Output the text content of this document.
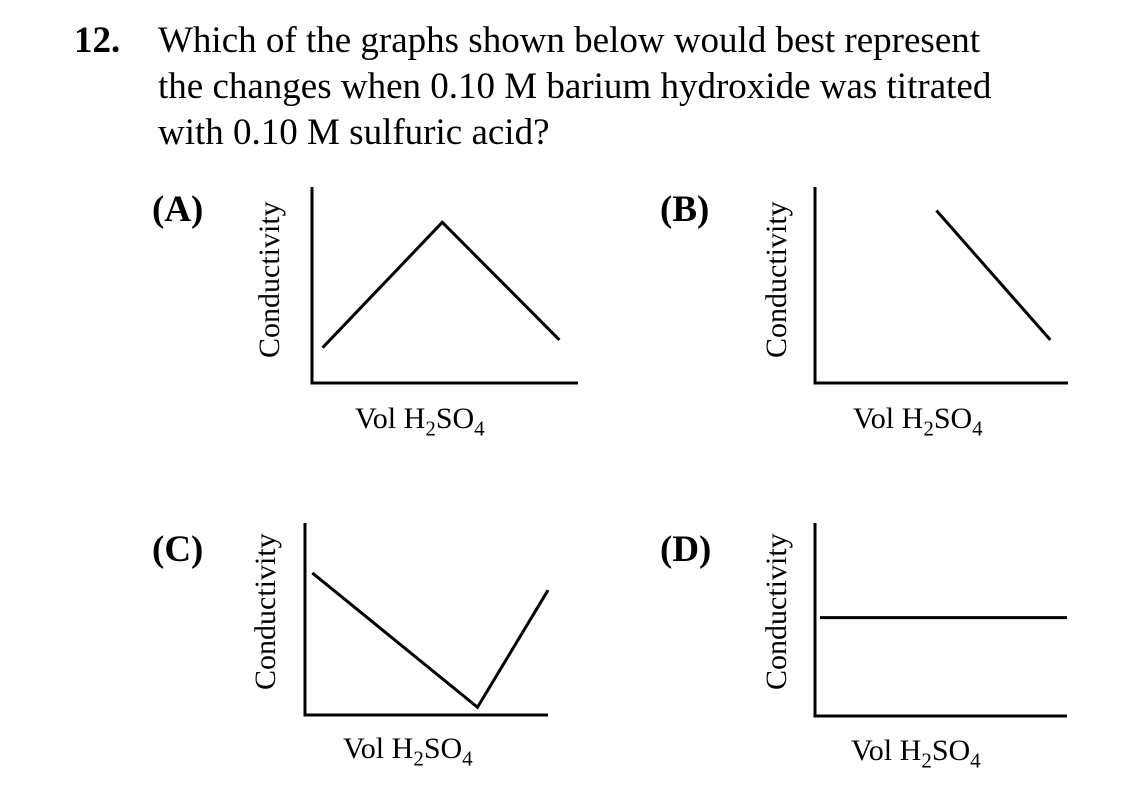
12. Which of the graphs shown below would best represent
the changes when 0.10 M barium hydroxide was titrated
with 0.10 M sulfuric acid?
(A) Conductivity
Vol $H_2SO_4$
(B) Conductivity
Vol $H_2SO_4$
(C) Conductivity
Vol $H_2SO_4$
(D) Conductivity
Vol $H_2SO_4$
